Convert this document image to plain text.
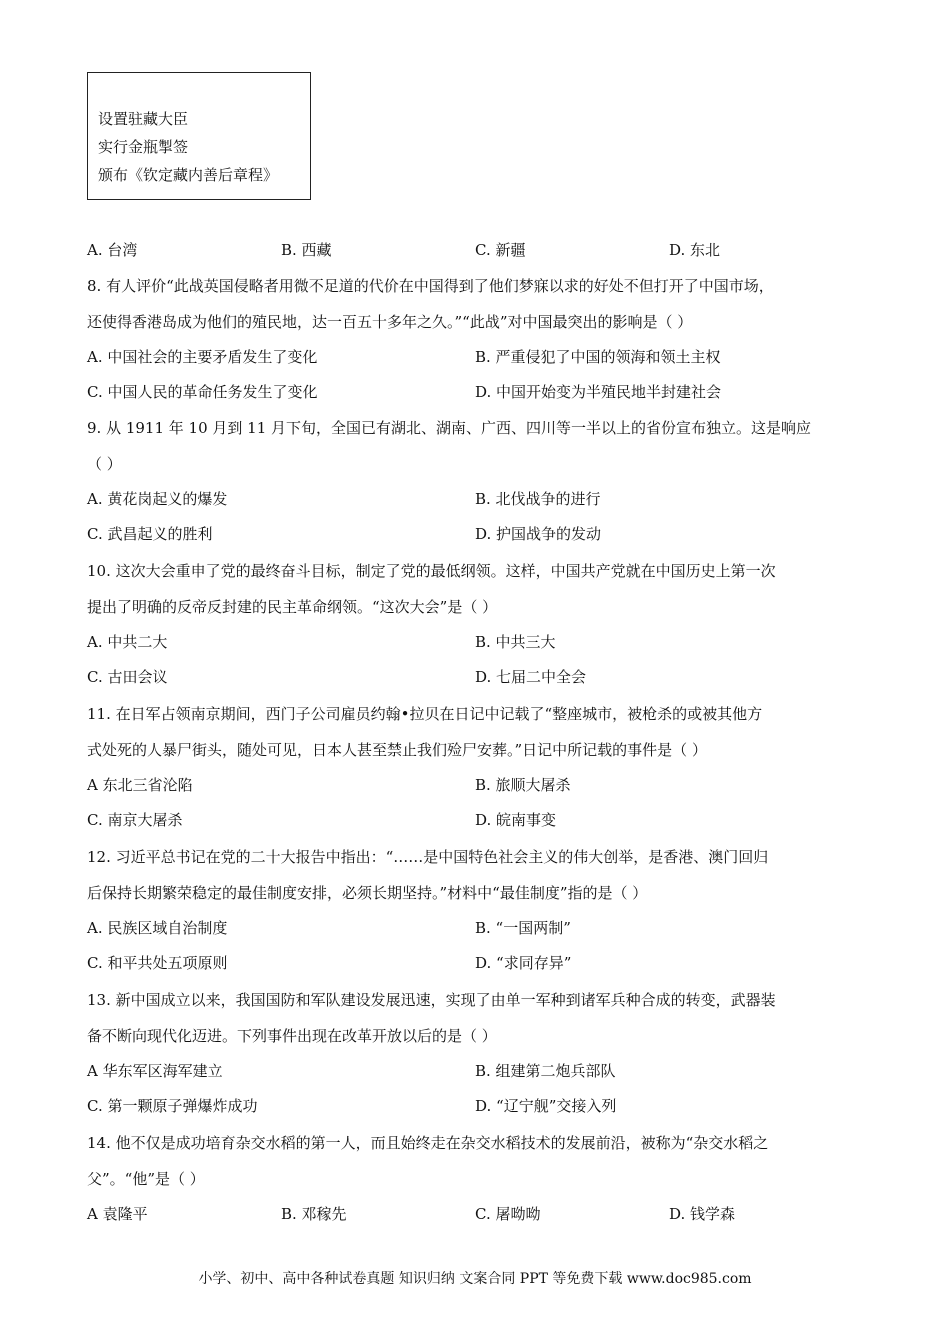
设置驻藏大臣
实行金瓶掣签
颁布《钦定藏内善后章程》
A. 台湾	B. 西藏	C. 新疆	D. 东北
8. 有人评价“此战英国侵略者用微不足道的代价在中国得到了他们梦寐以求的好处不但打开了中国市场，
还使得香港岛成为他们的殖民地，达一百五十多年之久。”“此战”对中国最突出的影响是（ ）
A. 中国社会的主要矛盾发生了变化	B. 严重侵犯了中国的领海和领土主权
C. 中国人民的革命任务发生了变化	D. 中国开始变为半殖民地半封建社会
9. 从 1911 年 10 月到 11 月下旬，全国已有湖北、湖南、广西、四川等一半以上的省份宣布独立。这是响应
（ ）
A. 黄花岗起义的爆发	B. 北伐战争的进行
C. 武昌起义的胜利	D. 护国战争的发动
10. 这次大会重申了党的最终奋斗目标，制定了党的最低纲领。这样，中国共产党就在中国历史上第一次
提出了明确的反帝反封建的民主革命纲领。“这次大会”是（ ）
A. 中共二大	B. 中共三大
C. 古田会议	D. 七届二中全会
11. 在日军占领南京期间，西门子公司雇员约翰•拉贝在日记中记载了“整座城市，被枪杀的或被其他方
式处死的人暴尸街头，随处可见，日本人甚至禁止我们殓尸安葬。”日记中所记载的事件是（ ）
A 东北三省沦陷	B. 旅顺大屠杀
C. 南京大屠杀	D. 皖南事变
12. 习近平总书记在党的二十大报告中指出：“……是中国特色社会主义的伟大创举，是香港、澳门回归
后保持长期繁荣稳定的最佳制度安排，必须长期坚持。”材料中“最佳制度”指的是（ ）
A. 民族区域自治制度	B. “一国两制”
C. 和平共处五项原则	D. “求同存异”
13. 新中国成立以来，我国国防和军队建设发展迅速，实现了由单一军种到诸军兵种合成的转变，武器装
备不断向现代化迈进。下列事件出现在改革开放以后的是（ ）
A 华东军区海军建立	B. 组建第二炮兵部队
C. 第一颗原子弹爆炸成功	D. “辽宁舰”交接入列
14. 他不仅是成功培育杂交水稻的第一人，而且始终走在杂交水稻技术的发展前沿，被称为“杂交水稻之
父”。“他”是（ ）
A 袁隆平	B. 邓稼先	C. 屠呦呦	D. 钱学森
小学、初中、高中各种试卷真题 知识归纳 文案合同 PPT 等免费下载 www.doc985.com
